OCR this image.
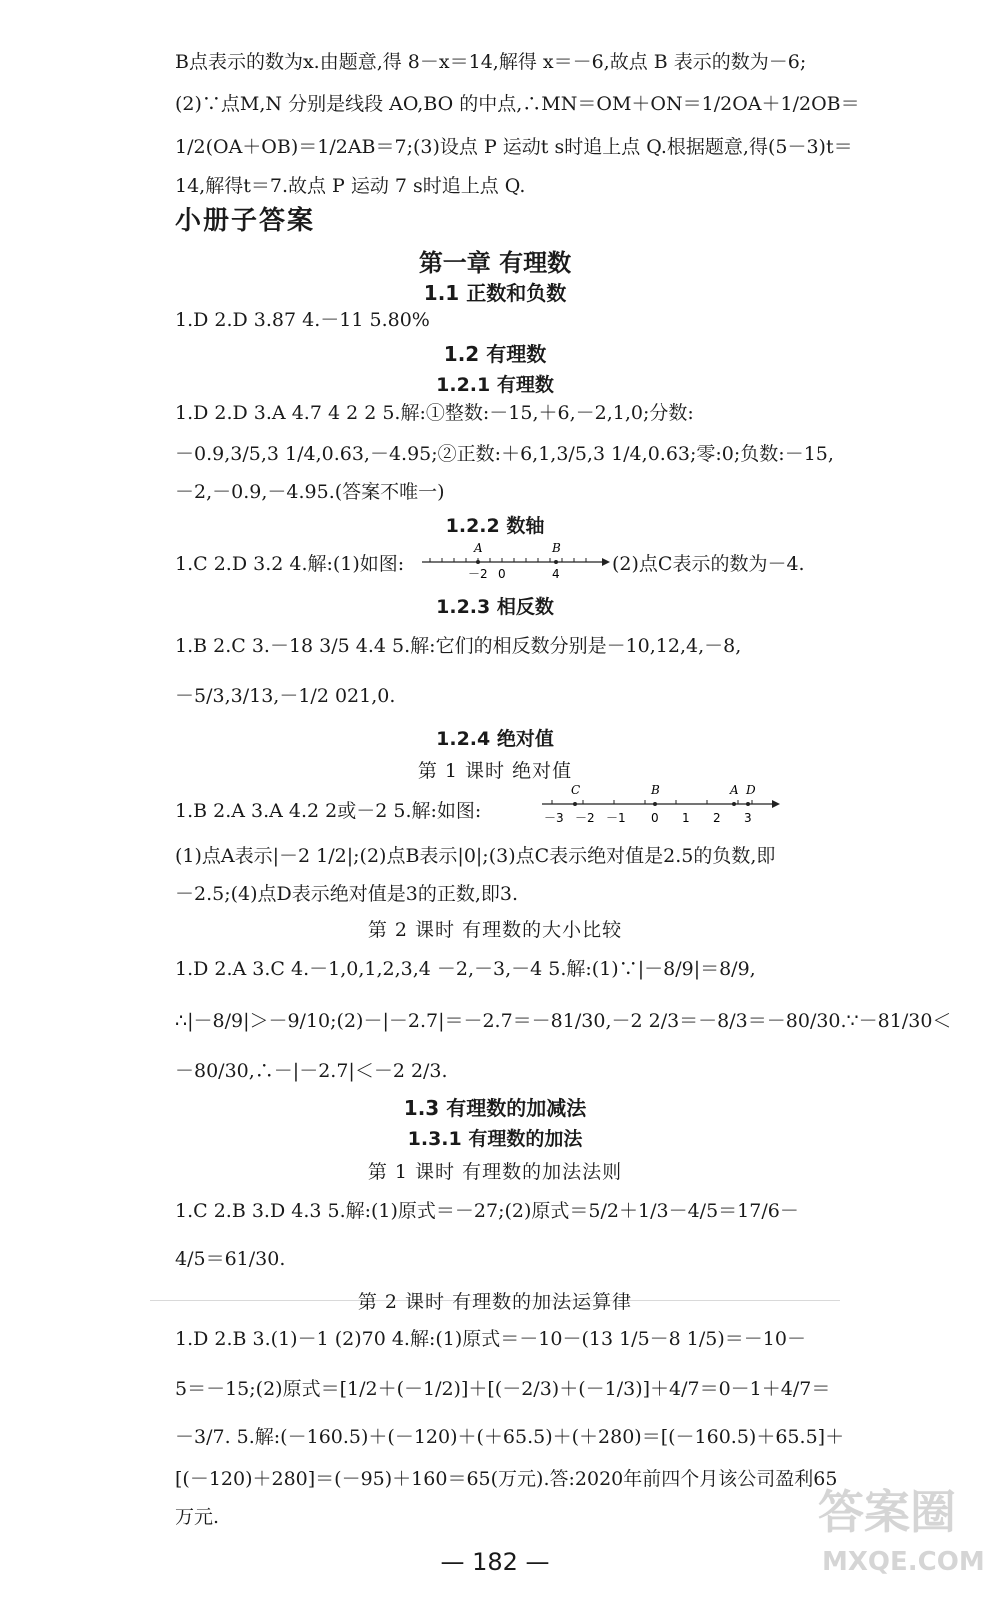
B点表示的数为x.由题意,得 8－x＝14,解得 x＝－6,故点 B 表示的数为－6;
(2)∵点M,N 分别是线段 AO,BO 的中点,∴MN＝OM＋ON＝1/2OA＋1/2OB＝
1/2(OA＋OB)＝1/2AB＝7;(3)设点 P 运动t s时追上点 Q.根据题意,得(5－3)t＝
14,解得t＝7.故点 P 运动 7 s时追上点 Q.
小册子答案
第一章 有理数
1.1 正数和负数
1.D 2.D 3.87 4.－11 5.80%
1.2 有理数
1.2.1 有理数
1.D 2.D 3.A 4.7 4 2 2 5.解:①整数:－15,＋6,－2,1,0;分数:
－0.9,3/5,3 1/4,0.63,－4.95;②正数:＋6,1,3/5,3 1/4,0.63;零:0;负数:－15,
－2,－0.9,－4.95.(答案不唯一)
1.2.2 数轴
1.C 2.D 3.2 4.解:(1)如图:
A	B
－2 0	4	(2)点C表示的数为－4.
1.2.3 相反数
1.B 2.C 3.－18 3/5 4.4 5.解:它们的相反数分别是－10,12,4,－8,
－5/3,3/13,－1/2 021,0.
1.2.4 绝对值
第 1 课时 绝对值
1.B 2.A 3.A 4.2 2或－2 5.解:如图:
C	B	A D
－3 －2 －1 0 1 2 3
(1)点A表示|－2 1/2|;(2)点B表示|0|;(3)点C表示绝对值是2.5的负数,即
－2.5;(4)点D表示绝对值是3的正数,即3.
第 2 课时 有理数的大小比较
1.D 2.A 3.C 4.－1,0,1,2,3,4 －2,－3,－4 5.解:(1)∵|－8/9|＝8/9,
∴|－8/9|＞－9/10;(2)－|－2.7|＝－2.7＝－81/30,－2 2/3＝－8/3＝－80/30.∵－81/30＜
－80/30,∴－|－2.7|＜－2 2/3.
1.3 有理数的加减法
1.3.1 有理数的加法
第 1 课时 有理数的加法法则
1.C 2.B 3.D 4.3 5.解:(1)原式＝－27;(2)原式＝5/2＋1/3－4/5＝17/6－
4/5＝61/30.
第 2 课时 有理数的加法运算律
1.D 2.B 3.(1)－1 (2)70 4.解:(1)原式＝－10－(13 1/5－8 1/5)＝－10－
5＝－15;(2)原式＝[1/2＋(－1/2)]＋[(－2/3)＋(－1/3)]＋4/7＝0－1＋4/7＝
－3/7. 5.解:(－160.5)＋(－120)＋(＋65.5)＋(＋280)＝[(－160.5)＋65.5]＋
[(－120)＋280]＝(－95)＋160＝65(万元).答:2020年前四个月该公司盈利65
万元.
— 182 —
答案圈
MXQE.COM
